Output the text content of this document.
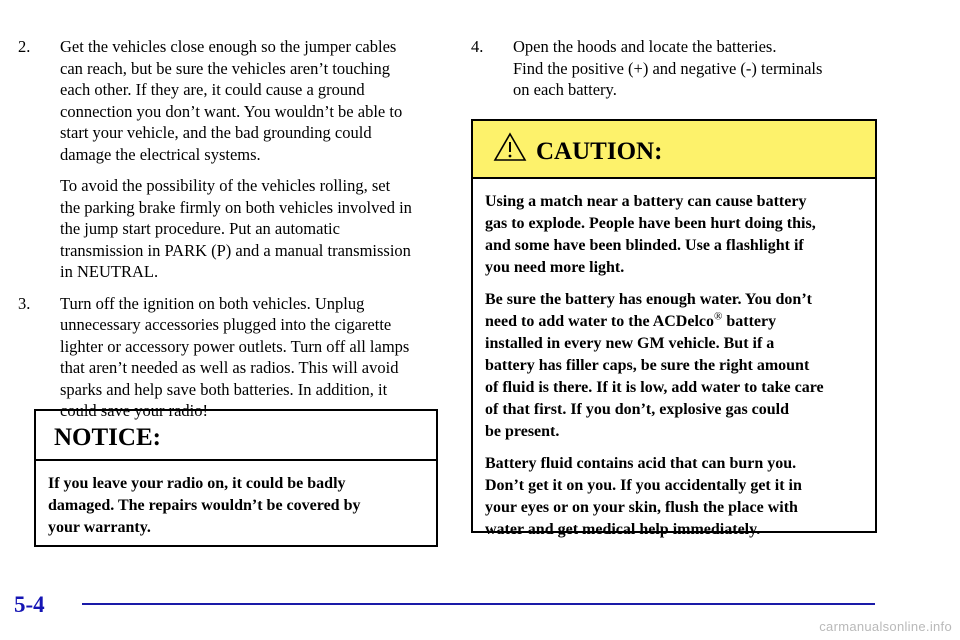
2. Get the vehicles close enough so the jumper cables
can reach, but be sure the vehicles aren’t touching
each other. If they are, it could cause a ground
connection you don’t want. You wouldn’t be able to
start your vehicle, and the bad grounding could
damage the electrical systems.

To avoid the possibility of the vehicles rolling, set
the parking brake firmly on both vehicles involved in
the jump start procedure. Put an automatic
transmission in PARK (P) and a manual transmission
in NEUTRAL.

3. Turn off the ignition on both vehicles. Unplug
unnecessary accessories plugged into the cigarette
lighter or accessory power outlets. Turn off all lamps
that aren’t needed as well as radios. This will avoid
sparks and help save both batteries. In addition, it
could save your radio!

NOTICE:
If you leave your radio on, it could be badly
damaged. The repairs wouldn’t be covered by
your warranty.
4. Open the hoods and locate the batteries.
Find the positive (+) and negative (-) terminals
on each battery.

CAUTION:

Using a match near a battery can cause battery
gas to explode. People have been hurt doing this,
and some have been blinded. Use a flashlight if
you need more light.

Be sure the battery has enough water. You don’t
need to add water to the ACDelco® battery
installed in every new GM vehicle. But if a
battery has filler caps, be sure the right amount
of fluid is there. If it is low, add water to take care
of that first. If you don’t, explosive gas could
be present.

Battery fluid contains acid that can burn you.
Don’t get it on you. If you accidentally get it in
your eyes or on your skin, flush the place with
water and get medical help immediately.

5-4
carmanualsonline.info
